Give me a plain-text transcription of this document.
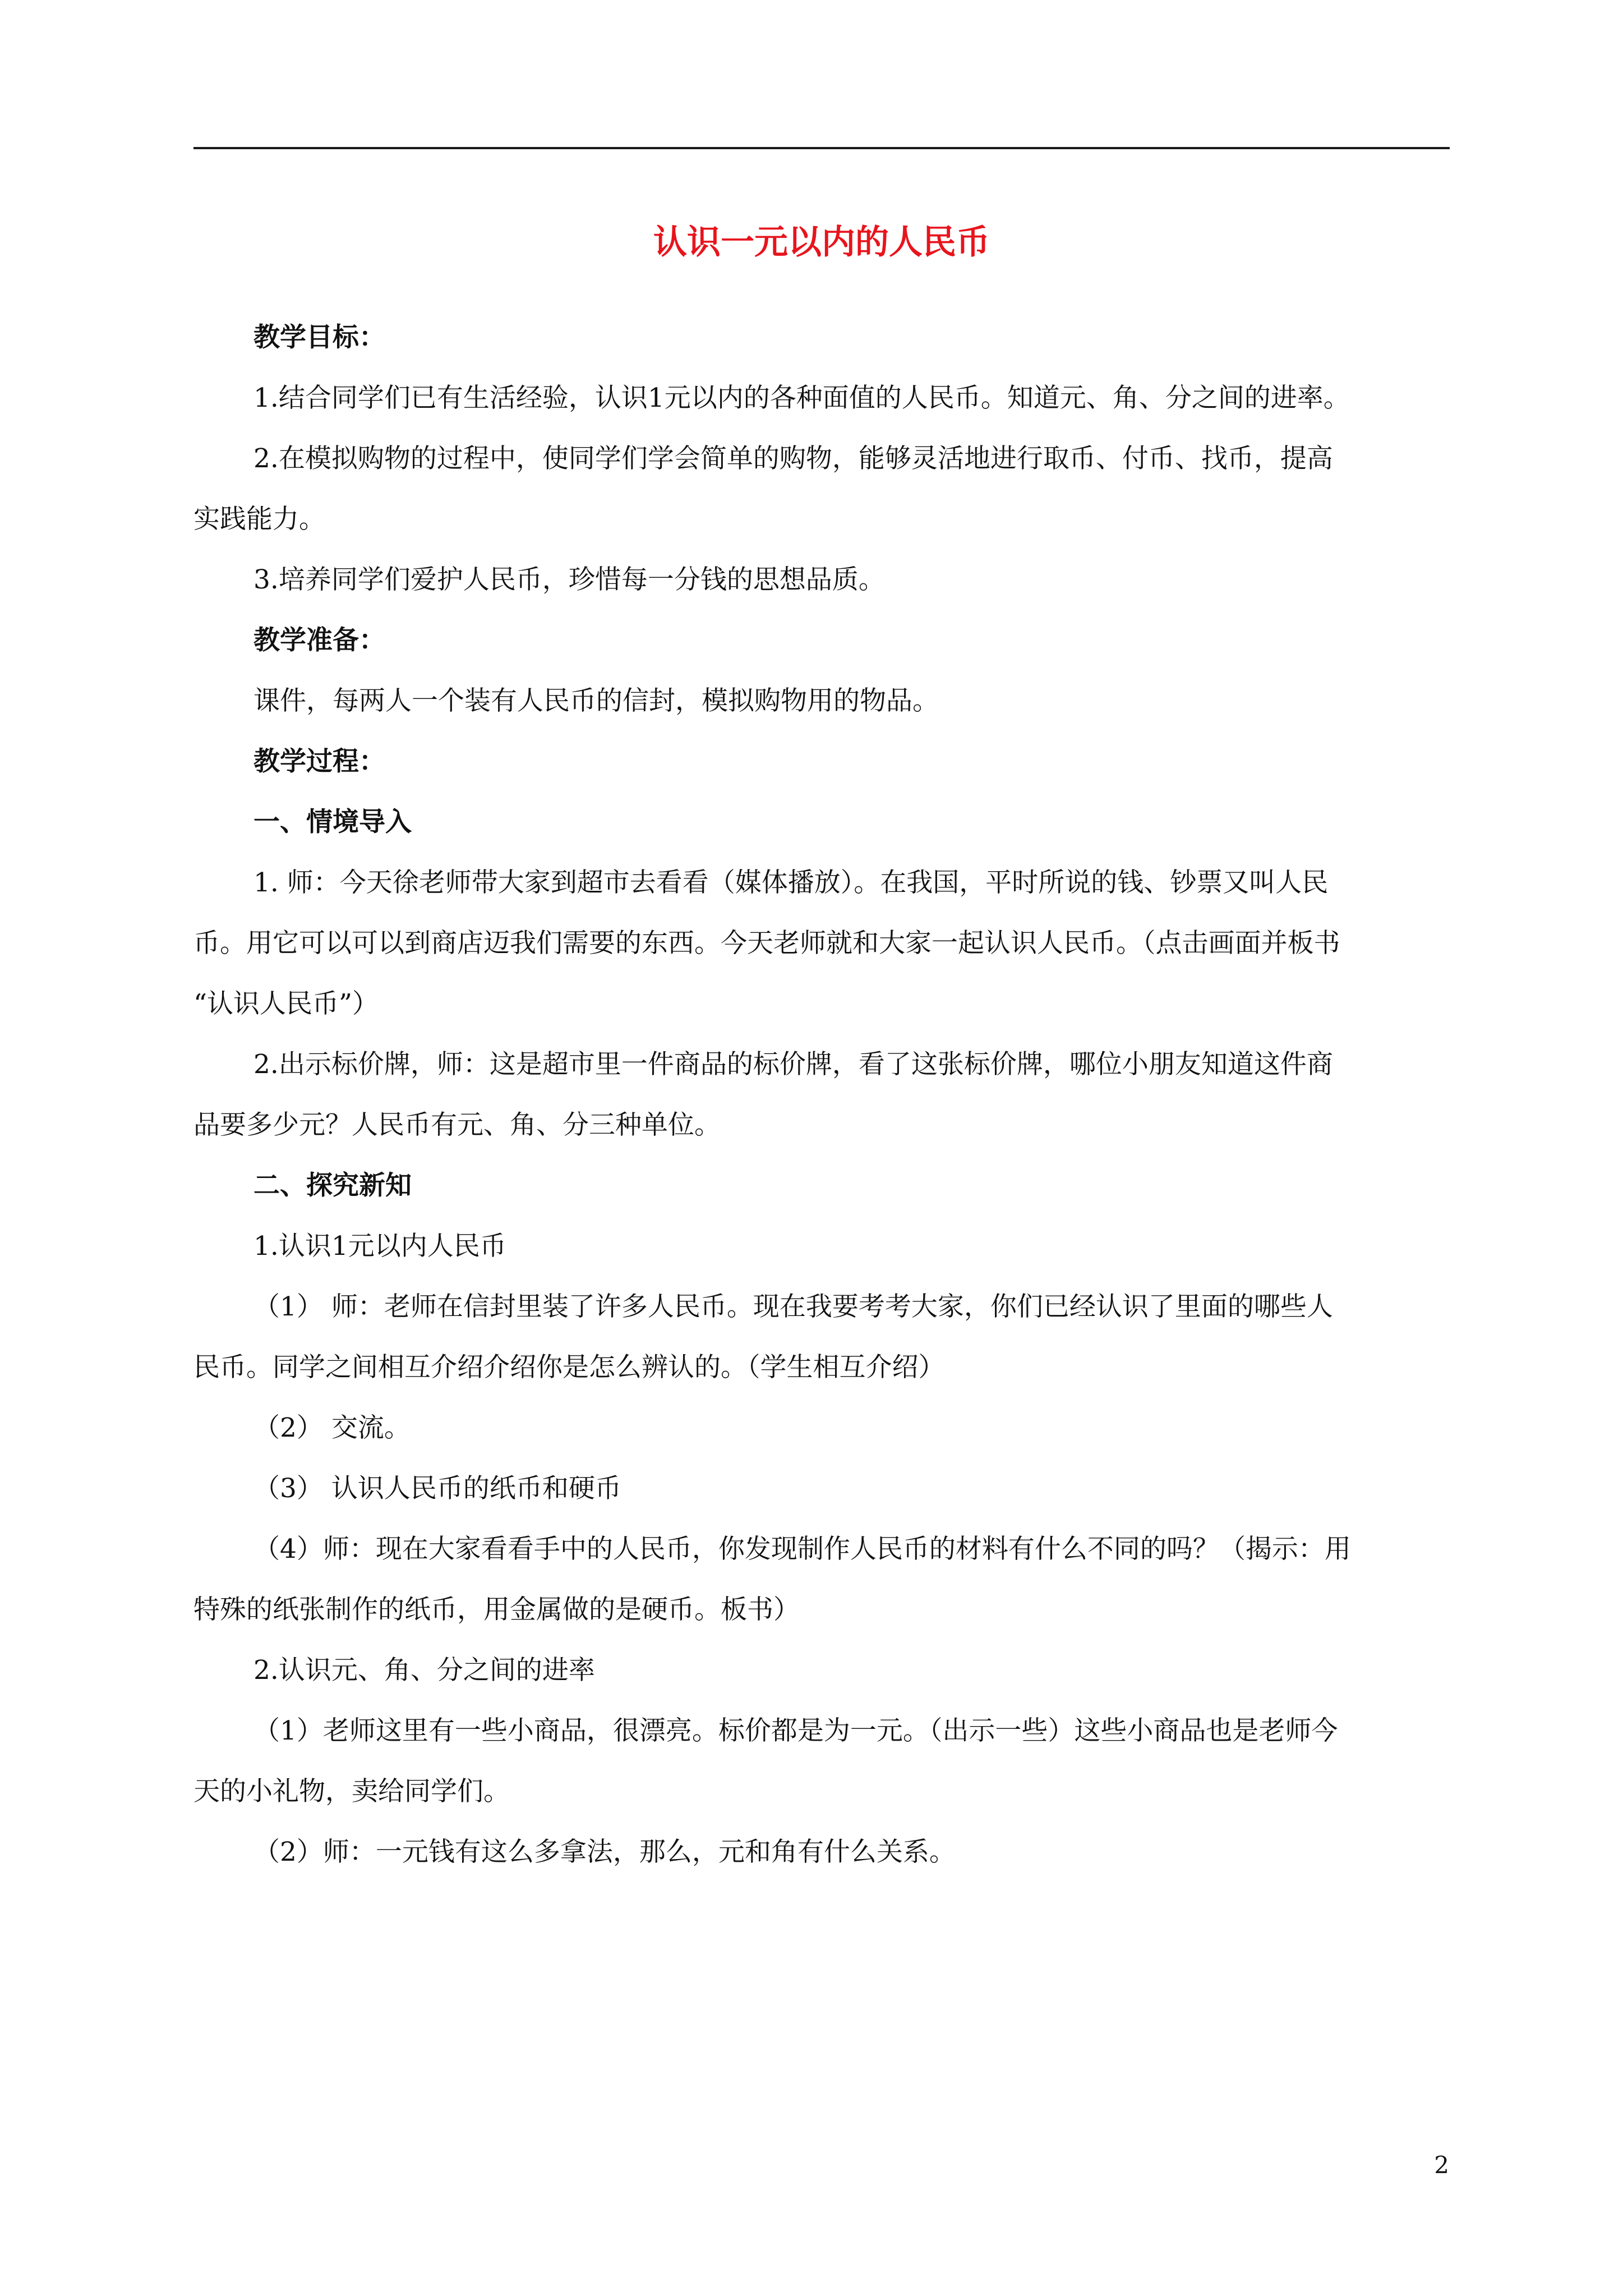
认识一元以内的人民币

教学目标：

1.结合同学们已有生活经验，认识1元以内的各种面值的人民币。知道元、角、分之间的进率。

2.在模拟购物的过程中，使同学们学会简单的购物，能够灵活地进行取币、付币、找币，提高

实践能力。

3.培养同学们爱护人民币，珍惜每一分钱的思想品质。

教学准备：

课件，每两人一个装有人民币的信封，模拟购物用的物品。

教学过程：

一、情境导入

1. 师：今天徐老师带大家到超市去看看（媒体播放）。在我国，平时所说的钱、钞票又叫人民

币。用它可以可以到商店迈我们需要的东西。今天老师就和大家一起认识人民币。（点击画面并板书

“认识人民币”）

2.出示标价牌，师：这是超市里一件商品的标价牌，看了这张标价牌，哪位小朋友知道这件商

品要多少元？人民币有元、角、分三种单位。

二、探究新知

1.认识1元以内人民币

（1） 师：老师在信封里装了许多人民币。现在我要考考大家，你们已经认识了里面的哪些人

民币。同学之间相互介绍介绍你是怎么辨认的。（学生相互介绍）

（2） 交流。

（3） 认识人民币的纸币和硬币

（4）师：现在大家看看手中的人民币，你发现制作人民币的材料有什么不同的吗？（揭示：用

特殊的纸张制作的纸币，用金属做的是硬币。板书）

2.认识元、角、分之间的进率

（1）老师这里有一些小商品，很漂亮。标价都是为一元。（出示一些）这些小商品也是老师今

天的小礼物，卖给同学们。

（2）师：一元钱有这么多拿法，那么，元和角有什么关系。

2
